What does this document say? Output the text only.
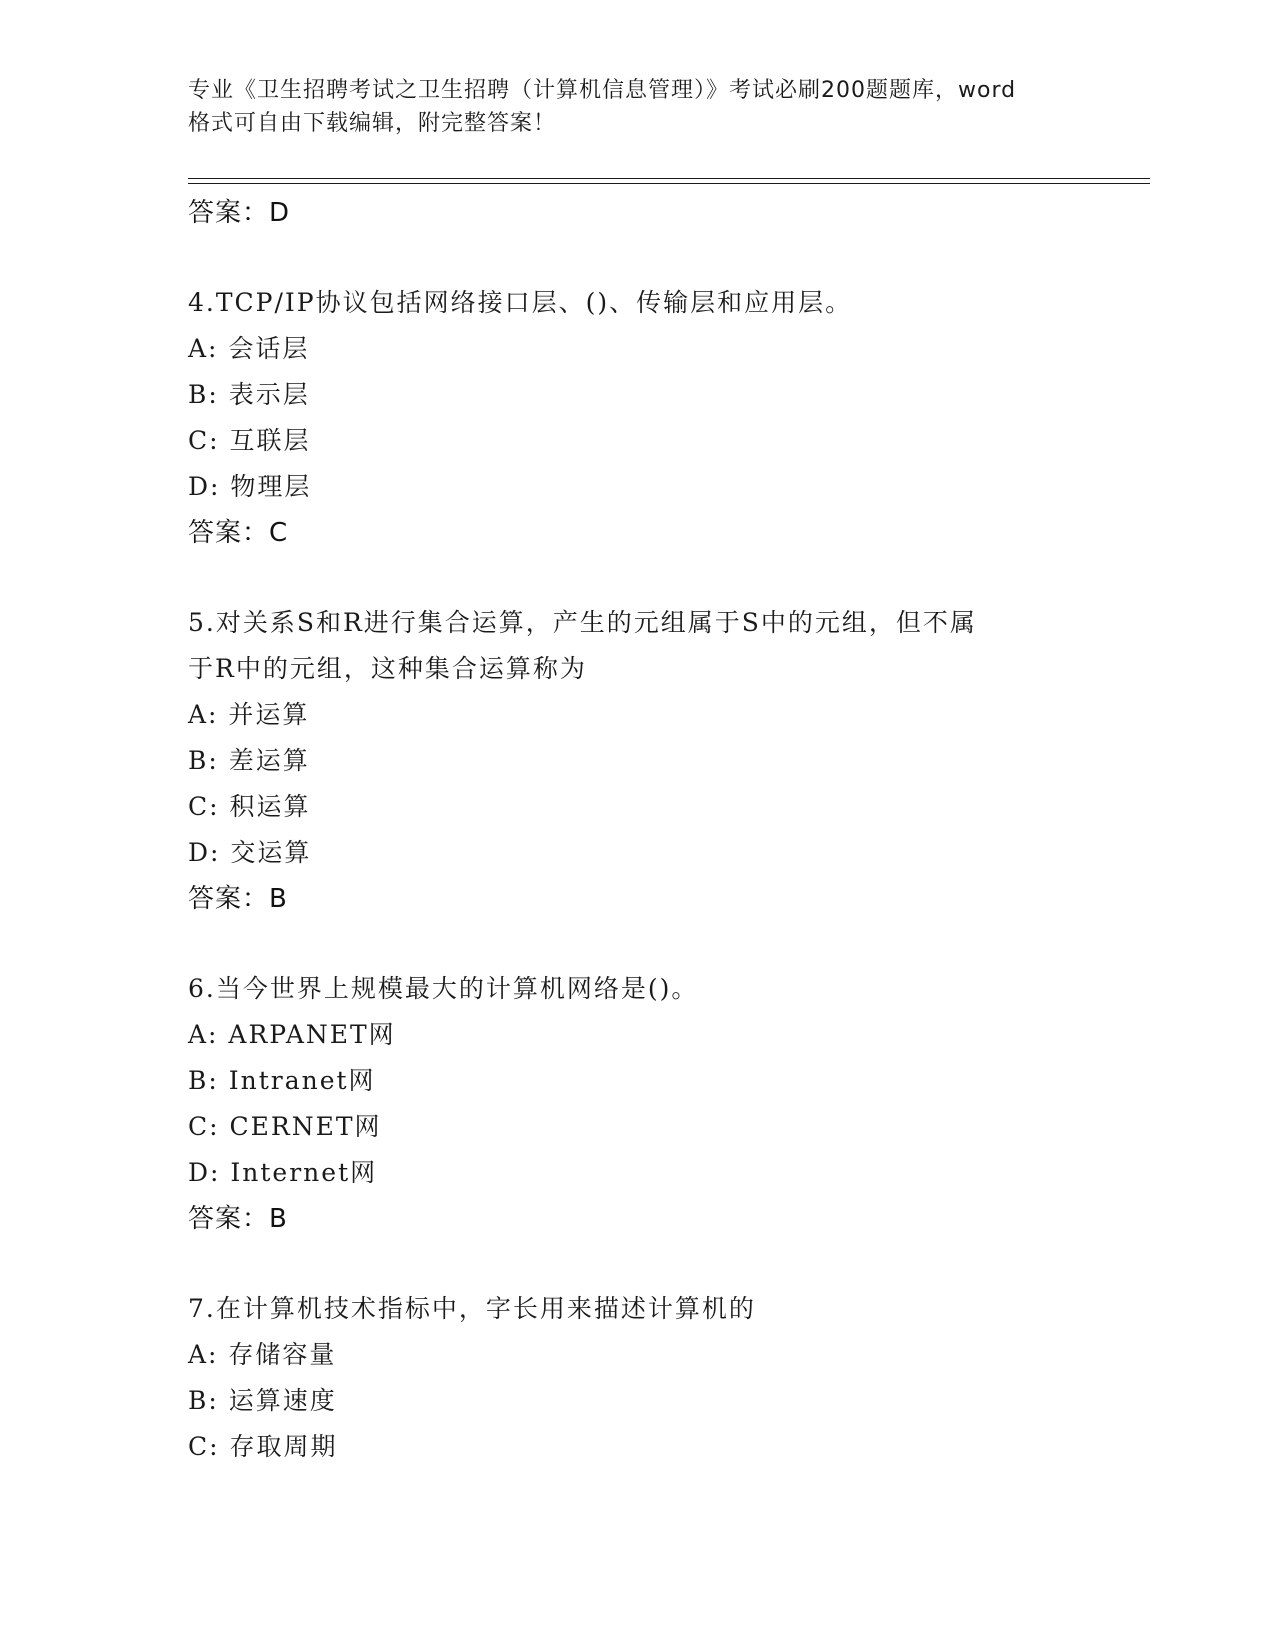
专业《卫生招聘考试之卫生招聘（计算机信息管理）》考试必刷200题题库，word
格式可自由下载编辑，附完整答案！
答案：D
4.TCP/IP协议包括网络接口层、()、传输层和应用层。
A: 会话层
B: 表示层
C: 互联层
D: 物理层
答案：C
5.对关系S和R进行集合运算，产生的元组属于S中的元组，但不属
于R中的元组，这种集合运算称为
A: 并运算
B: 差运算
C: 积运算
D: 交运算
答案：B
6.当今世界上规模最大的计算机网络是()。
A: ARPANET网
B: Intranet网
C: CERNET网
D: Internet网
答案：B
7.在计算机技术指标中，字长用来描述计算机的
A: 存储容量
B: 运算速度
C: 存取周期
